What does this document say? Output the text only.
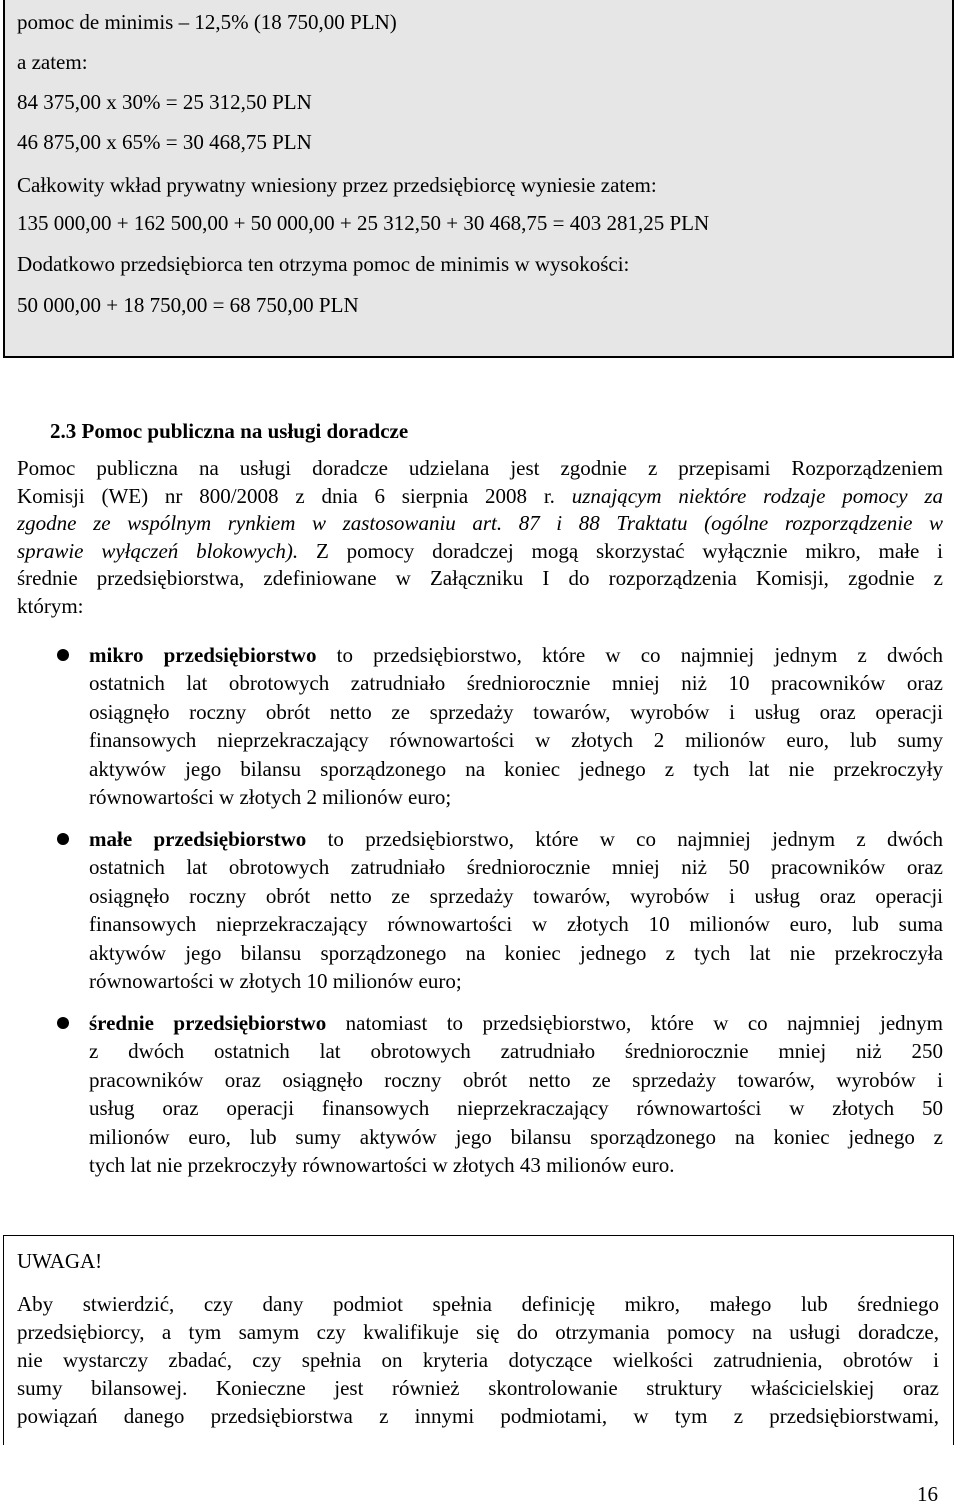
pomoc de minimis – 12,5% (18 750,00 PLN)
a zatem:
84 375,00 x 30% = 25 312,50 PLN
46 875,00 x 65% = 30 468,75 PLN
Całkowity wkład prywatny wniesiony przez przedsiębiorcę wyniesie zatem:
135 000,00 + 162 500,00 + 50 000,00 + 25 312,50 + 30 468,75 = 403 281,25 PLN
Dodatkowo przedsiębiorca ten otrzyma pomoc de minimis w wysokości:
50 000,00 + 18 750,00 = 68 750,00 PLN
2.3 Pomoc publiczna na usługi doradcze
Pomoc publiczna na usługi doradcze udzielana jest zgodnie z przepisami Rozporządzeniem
Komisji (WE) nr 800/2008 z dnia 6 sierpnia 2008 r. uznającym niektóre rodzaje pomocy za
zgodne ze wspólnym rynkiem w zastosowaniu art. 87 i 88 Traktatu (ogólne rozporządzenie w
sprawie wyłączeń blokowych). Z pomocy doradczej mogą skorzystać wyłącznie mikro, małe i
średnie przedsiębiorstwa, zdefiniowane w Załączniku I do rozporządzenia Komisji, zgodnie z
którym:
mikro przedsiębiorstwo to przedsiębiorstwo, które w co najmniej jednym z dwóch
ostatnich lat obrotowych zatrudniało średniorocznie mniej niż 10 pracowników oraz
osiągnęło roczny obrót netto ze sprzedaży towarów, wyrobów i usług oraz operacji
finansowych nieprzekraczający równowartości w złotych 2 milionów euro, lub sumy
aktywów jego bilansu sporządzonego na koniec jednego z tych lat nie przekroczyły
równowartości w złotych 2 milionów euro;
małe przedsiębiorstwo to przedsiębiorstwo, które w co najmniej jednym z dwóch
ostatnich lat obrotowych zatrudniało średniorocznie mniej niż 50 pracowników oraz
osiągnęło roczny obrót netto ze sprzedaży towarów, wyrobów i usług oraz operacji
finansowych nieprzekraczający równowartości w złotych 10 milionów euro, lub suma
aktywów jego bilansu sporządzonego na koniec jednego z tych lat nie przekroczyła
równowartości w złotych 10 milionów euro;
średnie przedsiębiorstwo natomiast to przedsiębiorstwo, które w co najmniej jednym
z dwóch ostatnich lat obrotowych zatrudniało średniorocznie mniej niż 250
pracowników oraz osiągnęło roczny obrót netto ze sprzedaży towarów, wyrobów i
usług oraz operacji finansowych nieprzekraczający równowartości w złotych 50
milionów euro, lub sumy aktywów jego bilansu sporządzonego na koniec jednego z
tych lat nie przekroczyły równowartości w złotych 43 milionów euro.
UWAGA!
Aby stwierdzić, czy dany podmiot spełnia definicję mikro, małego lub średniego
przedsiębiorcy, a tym samym czy kwalifikuje się do otrzymania pomocy na usługi doradcze,
nie wystarczy zbadać, czy spełnia on kryteria dotyczące wielkości zatrudnienia, obrotów i
sumy bilansowej. Konieczne jest również skontrolowanie struktury właścicielskiej oraz
powiązań danego przedsiębiorstwa z innymi podmiotami, w tym z przedsiębiorstwami,
16
